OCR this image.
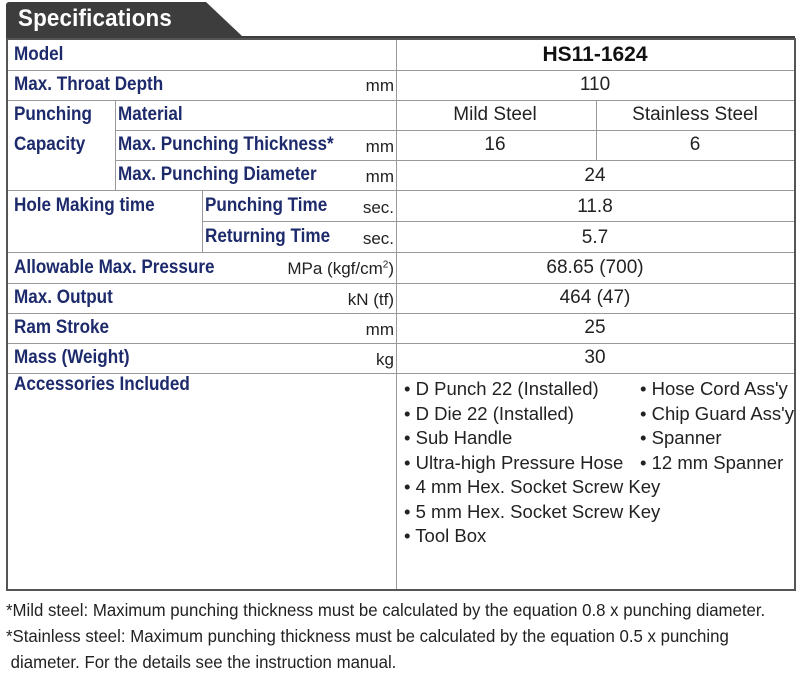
Specifications
Model	HS11-1624
Max. Throat Depth	mm	110
Punching
Capacity
Material	Mild Steel	Stainless Steel
Max. Punching Thickness* mm	16	6
Max. Punching Diameter	mm	24
Hole Making time	Punching Time sec.	11.8
Returning Time sec.	5.7
Allowable Max. Pressure	MPa $(kgf/cm^2)$	68.65 (700)
Max. Output	kN (tf)	464 (47)
Ram Stroke	mm	25
Mass (Weight)	kg	30
Accessories Included	• D Punch 22 (Installed)
• D Die 22 (Installed)
• Sub Handle
• Ultra-high Pressure Hose
• 4 mm Hex. Socket Screw Key
• 5 mm Hex. Socket Screw Key
• Tool Box
• Hose Cord Ass'y
• Chip Guard Ass'y
• Spanner
• 12 mm Spanner
*Mild steel: Maximum punching thickness must be calculated by the equation 0.8 x punching diameter.
*Stainless steel: Maximum punching thickness must be calculated by the equation 0.5 x punching
diameter. For the details see the instruction manual.
